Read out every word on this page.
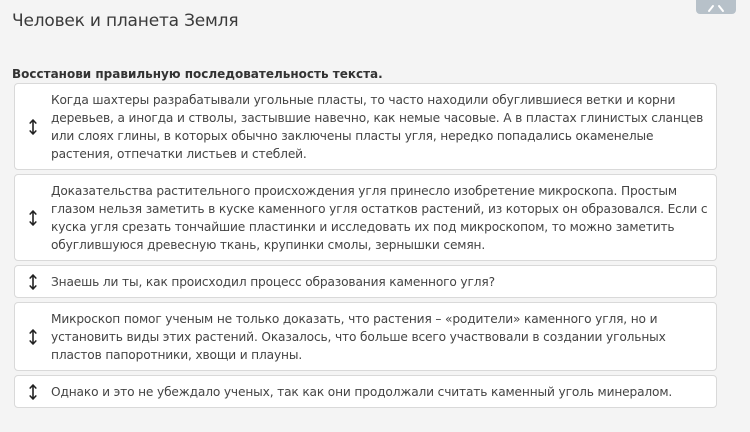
Человек и планета Земля
Восстанови правильную последовательность текста.
Когда шахтеры разрабатывали угольные пласты, то часто находили обуглившиеся ветки и корни деревьев, а иногда и стволы, застывшие навечно, как немые часовые. А в пластах глинистых сланцев или слоях глины, в которых обычно заключены пласты угля, нередко попадались окаменелые растения, отпечатки листьев и стеблей.
Доказательства растительного происхождения угля принесло изобретение микроскопа. Простым глазом нельзя заметить в куске каменного угля остатков растений, из которых он образовался. Если с куска угля срезать тончайшие пластинки и исследовать их под микроскопом, то можно заметить обуглившуюся древесную ткань, крупинки смолы, зернышки семян.
Знаешь ли ты, как происходил процесс образования каменного угля?
Микроскоп помог ученым не только доказать, что растения – «родители» каменного угля, но и установить виды этих растений. Оказалось, что больше всего участвовали в создании угольных пластов папоротники, хвощи и плауны.
Однако и это не убеждало ученых, так как они продолжали считать каменный уголь минералом.
